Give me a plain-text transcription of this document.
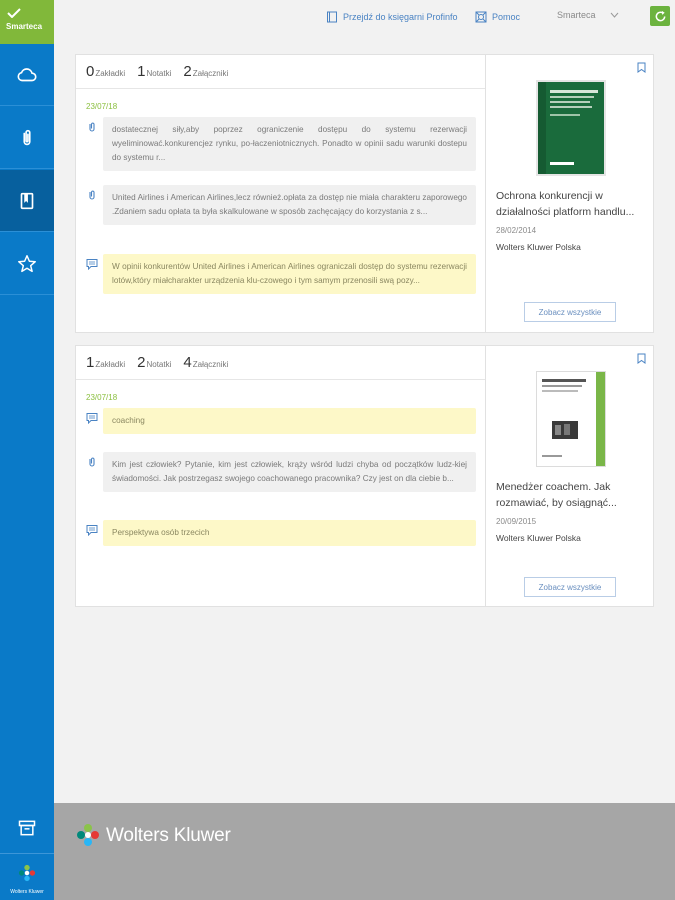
Smarteca
Wolters Kluwer
Przejdź do księgarni Profinfo	Pomoc	Smarteca
0 Zakładki 1 Notatki 2 Załączniki
23/07/18
dostatecznej siły,aby poprzez ograniczenie dostępu do systemu rezerwacji wyeliminować.konkurencjez rynku, po-łaczeniotnicznych. Ponadto w opinii sadu warunki dostepu do systemu r...
United Airlines i American Airlines,lecz również.opłata za dostęp nie miała charakteru zaporowego .Zdaniem sadu opłata ta była skalkulowane w sposób zachęcający do korzystania z s...
W opinii konkurentów United Airlines i American Airlines ograniczali dostęp do systemu rezerwacji lotów,który miałcharakter urządzenia klu-czowego i tym samym przenosili swą pozy...
Ochrona konkurencji w działalności platform handlu...
28/02/2014
Wolters Kluwer Polska
Zobacz wszystkie
1 Zakładki 2 Notatki 4 Załączniki
23/07/18
coaching
Kim jest człowiek? Pytanie, kim jest człowiek, krąży wśród ludzi chyba od początków ludz-kiej świadomości. Jak postrzegasz swojego coachowanego pracownika? Czy jest on dla ciebie b...
Perspektywa osób trzecich
Menedżer coachem. Jak rozmawiać, by osiągnąć...
20/09/2015
Wolters Kluwer Polska
Zobacz wszystkie
Wolters Kluwer
